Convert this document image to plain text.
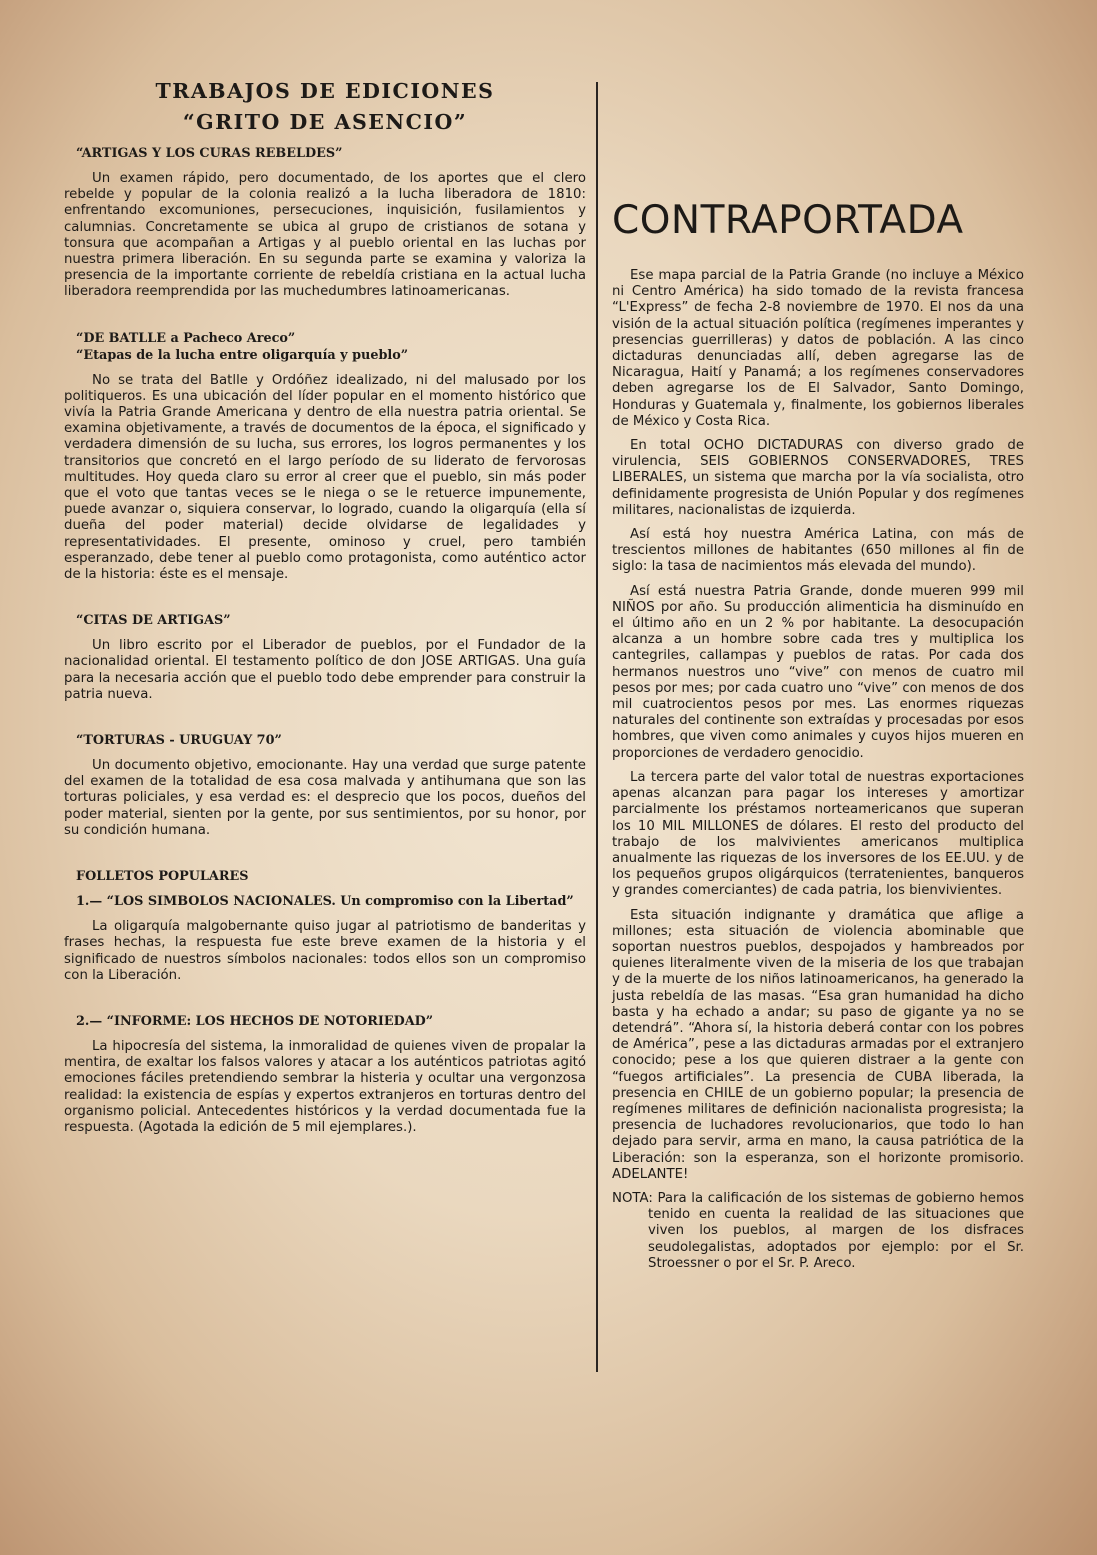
TRABAJOS DE EDICIONES
“GRITO DE ASENCIO”
“ARTIGAS Y LOS CURAS REBELDES”

Un examen rápido, pero documentado, de los aportes que el clero rebelde y popular de la colonia realizó a la lucha liberadora de 1810: enfrentando excomuniones, persecuciones, inquisición, fusilamientos y calumnias. Concretamente se ubica al grupo de cristianos de sotana y tonsura que acompañan a Artigas y al pueblo oriental en las luchas por nuestra primera liberación. En su segunda parte se examina y valoriza la presencia de la importante corriente de rebeldía cristiana en la actual lucha liberadora reemprendida por las muchedumbres latinoamericanas.

“DE BATLLE a Pacheco Areco”
“Etapas de la lucha entre oligarquía y pueblo”

No se trata del Batlle y Ordóñez idealizado, ni del malusado por los politiqueros. Es una ubicación del líder popular en el momento histórico que vivía la Patria Grande Americana y dentro de ella nuestra patria oriental. Se examina objetivamente, a través de documentos de la época, el significado y verdadera dimensión de su lucha, sus errores, los logros permanentes y los transitorios que concretó en el largo período de su liderato de fervorosas multitudes. Hoy queda claro su error al creer que el pueblo, sin más poder que el voto que tantas veces se le niega o se le retuerce impunemente, puede avanzar o, siquiera conservar, lo logrado, cuando la oligarquía (ella sí dueña del poder material) decide olvidarse de legalidades y representatividades. El presente, ominoso y cruel, pero también esperanzado, debe tener al pueblo como protagonista, como auténtico actor de la historia: éste es el mensaje.

“CITAS DE ARTIGAS”

Un libro escrito por el Liberador de pueblos, por el Fundador de la nacionalidad oriental. El testamento político de don JOSE ARTIGAS. Una guía para la necesaria acción que el pueblo todo debe emprender para construir la patria nueva.

“TORTURAS - URUGUAY 70”

Un documento objetivo, emocionante. Hay una verdad que surge patente del examen de la totalidad de esa cosa malvada y antihumana que son las torturas policiales, y esa verdad es: el desprecio que los pocos, dueños del poder material, sienten por la gente, por sus sentimientos, por su honor, por su condición humana.

FOLLETOS POPULARES
1.— “LOS SIMBOLOS NACIONALES. Un compromiso con la Libertad”

La oligarquía malgobernante quiso jugar al patriotismo de banderitas y frases hechas, la respuesta fue este breve examen de la historia y el significado de nuestros símbolos nacionales: todos ellos son un compromiso con la Liberación.

2.— “INFORME: LOS HECHOS DE NOTORIEDAD”

La hipocresía del sistema, la inmoralidad de quienes viven de propalar la mentira, de exaltar los falsos valores y atacar a los auténticos patriotas agitó emociones fáciles pretendiendo sembrar la histeria y ocultar una vergonzosa realidad: la existencia de espías y expertos extranjeros en torturas dentro del organismo policial. Antecedentes históricos y la verdad documentada fue la respuesta. (Agotada la edición de 5 mil ejemplares.).

CONTRAPORTADA

Ese mapa parcial de la Patria Grande (no incluye a México ni Centro América) ha sido tomado de la revista francesa “L'Express” de fecha 2-8 noviembre de 1970. El nos da una visión de la actual situación política (regímenes imperantes y presencias guerrilleras) y datos de población. A las cinco dictaduras denunciadas allí, deben agregarse las de Nicaragua, Haití y Panamá; a los regímenes conservadores deben agregarse los de El Salvador, Santo Domingo, Honduras y Guatemala y, finalmente, los gobiernos liberales de México y Costa Rica.

En total OCHO DICTADURAS con diverso grado de virulencia, SEIS GOBIERNOS CONSERVADORES, TRES LIBERALES, un sistema que marcha por la vía socialista, otro definidamente progresista de Unión Popular y dos regímenes militares, nacionalistas de izquierda.

Así está hoy nuestra América Latina, con más de trescientos millones de habitantes (650 millones al fin de siglo: la tasa de nacimientos más elevada del mundo).

Así está nuestra Patria Grande, donde mueren 999 mil NIÑOS por año. Su producción alimenticia ha disminuído en el último año en un 2 % por habitante. La desocupación alcanza a un hombre sobre cada tres y multiplica los cantegriles, callampas y pueblos de ratas. Por cada dos hermanos nuestros uno “vive” con menos de cuatro mil pesos por mes; por cada cuatro uno “vive” con menos de dos mil cuatrocientos pesos por mes. Las enormes riquezas naturales del continente son extraídas y procesadas por esos hombres, que viven como animales y cuyos hijos mueren en proporciones de verdadero genocidio.

La tercera parte del valor total de nuestras exportaciones apenas alcanzan para pagar los intereses y amortizar parcialmente los préstamos norteamericanos que superan los 10 MIL MILLONES de dólares. El resto del producto del trabajo de los malvivientes americanos multiplica anualmente las riquezas de los inversores de los EE.UU. y de los pequeños grupos oligárquicos (terratenientes, banqueros y grandes comerciantes) de cada patria, los bienvivientes.

Esta situación indignante y dramática que aflige a millones; esta situación de violencia abominable que soportan nuestros pueblos, despojados y hambreados por quienes literalmente viven de la miseria de los que trabajan y de la muerte de los niños latinoamericanos, ha generado la justa rebeldía de las masas. “Esa gran humanidad ha dicho basta y ha echado a andar; su paso de gigante ya no se detendrá”. “Ahora sí, la historia deberá contar con los pobres de América”, pese a las dictaduras armadas por el extranjero conocido; pese a los que quieren distraer a la gente con “fuegos artificiales”. La presencia de CUBA liberada, la presencia en CHILE de un gobierno popular; la presencia de regímenes militares de definición nacionalista progresista; la presencia de luchadores revolucionarios, que todo lo han dejado para servir, arma en mano, la causa patriótica de la Liberación: son la esperanza, son el horizonte promisorio. ADELANTE!

NOTA: Para la calificación de los sistemas de gobierno hemos tenido en cuenta la realidad de las situaciones que viven los pueblos, al margen de los disfraces seudolegalistas, adoptados por ejemplo: por el Sr. Stroessner o por el Sr. P. Areco.
